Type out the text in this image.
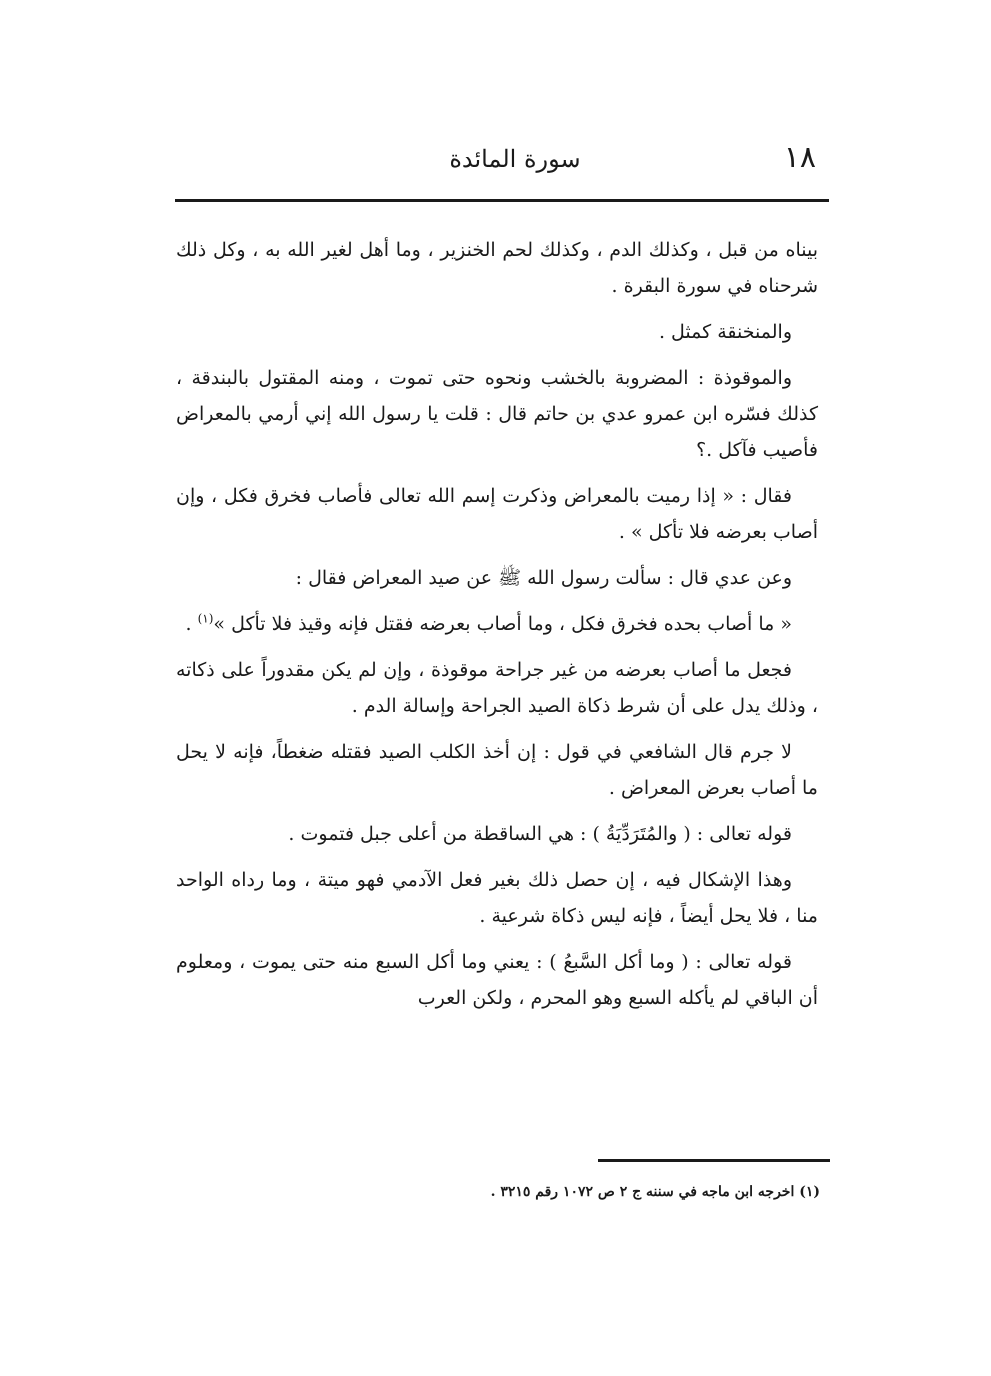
١٨
سورة المائدة

بيناه من قبل ، وكذلك الدم ، وكذلك لحم الخنزير ، وما أهل لغير الله به ، وكل ذلك شرحناه في سورة البقرة .

والمنخنقة كمثل .

والموقوذة : المضروبة بالخشب ونحوه حتى تموت ، ومنه المقتول بالبندقة ، كذلك فسّره ابن عمرو عدي بن حاتم قال : قلت يا رسول الله إني أرمي بالمعراض فأصيب فآكل .؟

فقال : « إذا رميت بالمعراض وذكرت إسم الله تعالى فأصاب فخرق فكل ، وإن أصاب بعرضه فلا تأكل » .

وعن عدي قال : سألت رسول الله ﷺ عن صيد المعراض فقال :

« ما أصاب بحده فخرق فكل ، وما أصاب بعرضه فقتل فإنه وقيذ فلا تأكل »$^{(١)}$ .

فجعل ما أصاب بعرضه من غير جراحة موقوذة ، وإن لم يكن مقدوراً على ذكاته ، وذلك يدل على أن شرط ذكاة الصيد الجراحة وإسالة الدم .

لا جرم قال الشافعي في قول : إن أخذ الكلب الصيد فقتله ضغطاً، فإنه لا يحل ما أصاب بعرض المعراض .

قوله تعالى : ( والمُتَرَدِّيَةُ ) : هي الساقطة من أعلى جبل فتموت .

وهذا الإشكال فيه ، إن حصل ذلك بغير فعل الآدمي فهو ميتة ، وما رداه الواحد منا ، فلا يحل أيضاً ، فإنه ليس ذكاة شرعية .

قوله تعالى : ( وما أكل السَّبعُ ) : يعني وما أكل السبع منه حتى يموت ، ومعلوم أن الباقي لم يأكله السبع وهو المحرم ، ولكن العرب

(١) اخرجه ابن ماجه في سننه ج ٢ ص ١٠٧٢ رقم ٣٢١٥ .
